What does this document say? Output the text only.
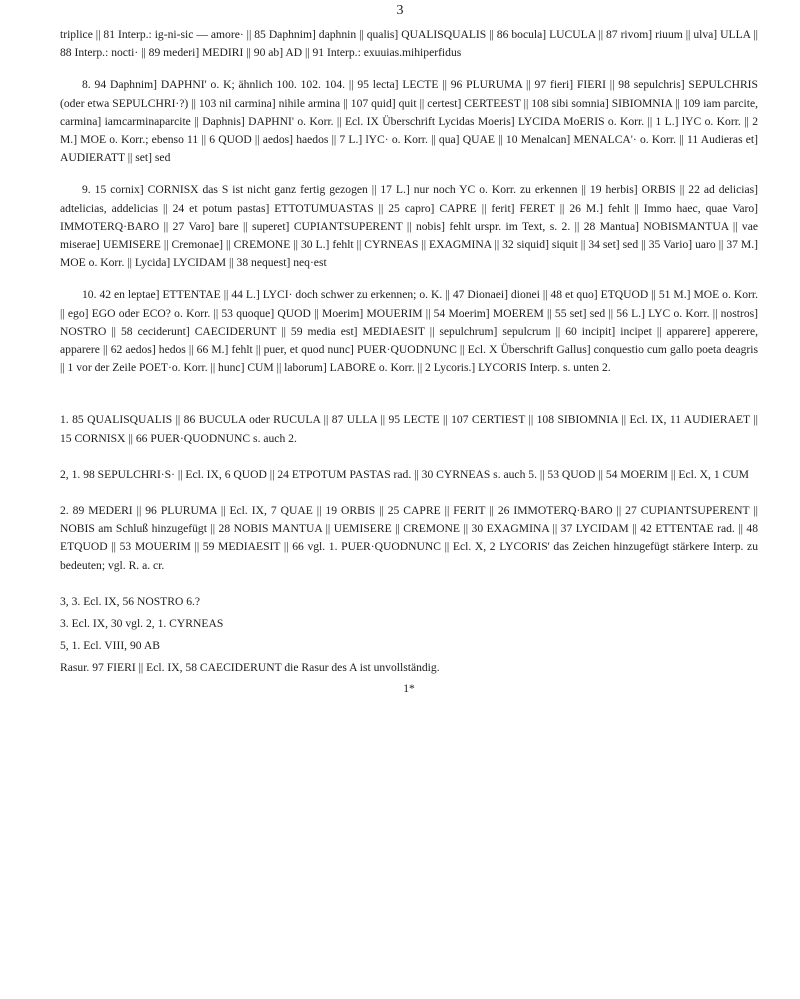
3

triplice || 81 Interp.: ig-ni-sic — amore· || 85 Daphnim] daphnin || qualis] QUALISQUALIS || 86 bocula] LUCULA || 87 rivom] riuum || ulva] ULLA || 88 Interp.: nocti· || 89 mederi] MEDIRI || 90 ab] AD || 91 Interp.: exuuias.mihiperfidus

8. 94 Daphnim] DAPHNI' o. K; ähnlich 100. 102. 104. || 95 lecta] LECTE || 96 PLURUMA || 97 fieri] FIERI || 98 sepulchris] SEPULCHRIS (oder etwa SEPULCHRI·?) || 103 nil carmina] nihile armina || 107 quid] quit || certest] CERTEEST || 108 sibi somnia] SIBIOMNIA || 109 iam parcite, carmina] iamcarminaparcite || Daphnis] DAPHNI' o. Korr. || Ecl. IX Überschrift Lycidas Moeris] LYCIDA MoERIS o. Korr. || 1 L.] lYC o. Korr. || 2 M.] MOE o. Korr.; ebenso 11 || 6 QUOD || aedos] haedos || 7 L.] lYC· o. Korr. || qua] QUAE || 10 Menalcan] MENALCA'· o. Korr. || 11 Audieras et] AUDIERATT || set] sed

9. 15 cornix] CORNISX das S ist nicht ganz fertig gezogen || 17 L.] nur noch YC o. Korr. zu erkennen || 19 herbis] ORBIS || 22 ad delicias] adtelicias, addelicias || 24 et potum pastas] ETTOTUMUASTAS || 25 capro] CAPRE || ferit] FERET || 26 M.] fehlt || Immo haec, quae Varo] IMMOTERQ·BARO || 27 Varo] bare || superet] CUPIANTSUPERENT || nobis] fehlt urspr. im Text, s. 2. || 28 Mantua] NOBISMANTUA || vae miserae] UEMISERE || Cremonae] || CREMONE || 30 L.] fehlt || CYRNEAS || EXAGMINA || 32 siquid] siquit || 34 set] sed || 35 Vario] uaro || 37 M.] MOE o. Korr. || Lycida] LYCIDAM || 38 nequest] neq·est

10. 42 en leptae] ETTENTAE || 44 L.] LYCI· doch schwer zu erkennen; o. K. || 47 Dionaei] dionei || 48 et quo] ETQUOD || 51 M.] MOE o. Korr. || ego] EGO oder ECO? o. Korr. || 53 quoque] QUOD || Moerim] MOUERIM || 54 Moerim] MOEREM || 55 set] sed || 56 L.] LYC o. Korr. || nostros] NOSTRO || 58 ceciderunt] CAECIDERUNT || 59 media est] MEDIAESIT || sepulchrum] sepulcrum || 60 incipit] incipet || apparere] apperere, apparere || 62 aedos] hedos || 66 M.] fehlt || puer, et quod nunc] PUER·QUODNUNC || Ecl. X Überschrift Gallus] conquestio cum gallo poeta deagris || 1 vor der Zeile POET·o. Korr. || hunc] CUM || laborum] LABORE o. Korr. || 2 Lycoris.] LYCORIS Interp. s. unten 2.

1. 85 QUALISQUALIS || 86 BUCULA oder RUCULA || 87 ULLA || 95 LECTE || 107 CERTIEST || 108 SIBIOMNIA || Ecl. IX, 11 AUDIERAET || 15 CORNISX || 66 PUER·QUODNUNC s. auch 2.

2, 1. 98 SEPULCHRI·S· || Ecl. IX, 6 QUOD || 24 ETPOTUM PASTAS rad. || 30 CYRNEAS s. auch 5. || 53 QUOD || 54 MOERIM || Ecl. X, 1 CUM

2. 89 MEDERI || 96 PLURUMA || Ecl. IX, 7 QUAE || 19 ORBIS || 25 CAPRE || FERIT || 26 IMMOTERQ·BARO || 27 CUPIANTSUPERENT || NOBIS am Schluß hinzugefügt || 28 NOBIS MANTUA || UEMISERE || CREMONE || 30 EXAGMINA || 37 LYCIDAM || 42 ETTENTAE rad. || 48 ETQUOD || 53 MOUERIM || 59 MEDIAESIT || 66 vgl. 1. PUER·QUODNUNC || Ecl. X, 2 LYCORIS' das Zeichen hinzugefügt stärkere Interp. zu bedeuten; vgl. R. a. cr.

3, 3. Ecl. IX, 56 NOSTRO 6.?

3. Ecl. IX, 30 vgl. 2, 1. CYRNEAS

5, 1. Ecl. VIII, 90 AB

Rasur. 97 FIERI || Ecl. IX, 58 CAECIDERUNT die Rasur des A ist unvollständig.

1*
